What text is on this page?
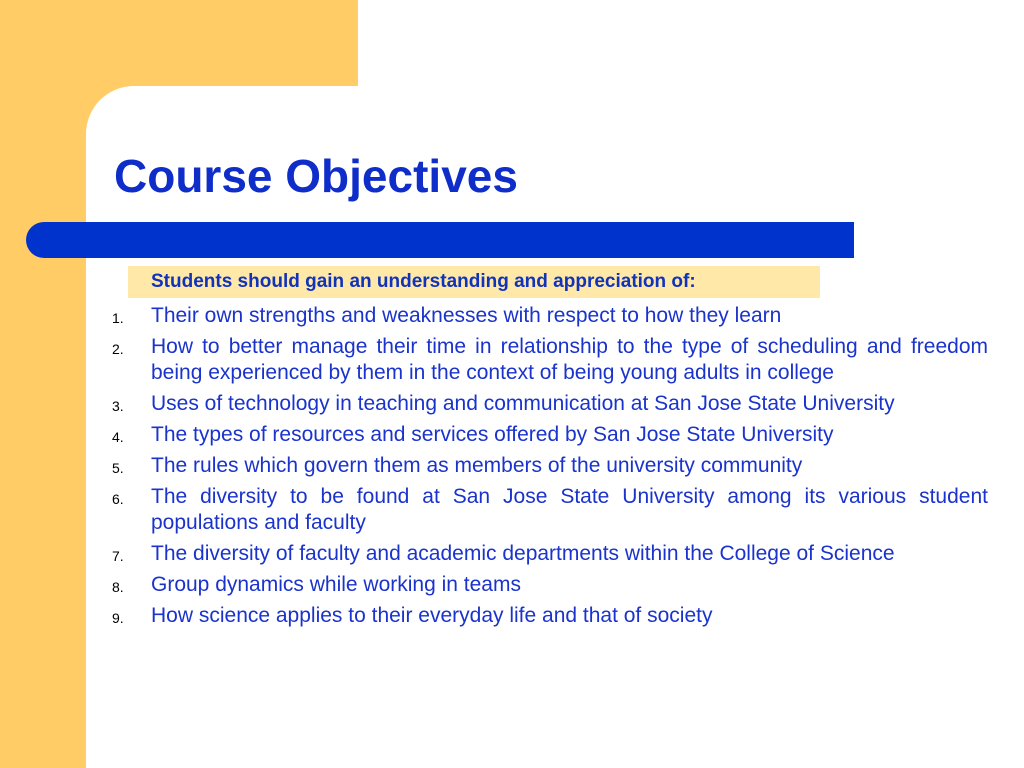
Course Objectives
Students should gain an understanding and appreciation of:
1. Their own strengths and weaknesses with respect to how they learn
2. How to better manage their time in relationship to the type of scheduling and freedom being experienced by them in the context of being young adults in college
3. Uses of technology in teaching and communication at San Jose State University
4. The types of resources and services offered by San Jose State University
5. The rules which govern them as members of the university community
6. The diversity to be found at San Jose State University among its various student populations and faculty
7. The diversity of faculty and academic departments within the College of Science
8. Group dynamics while working in teams
9. How science applies to their everyday life and that of society
